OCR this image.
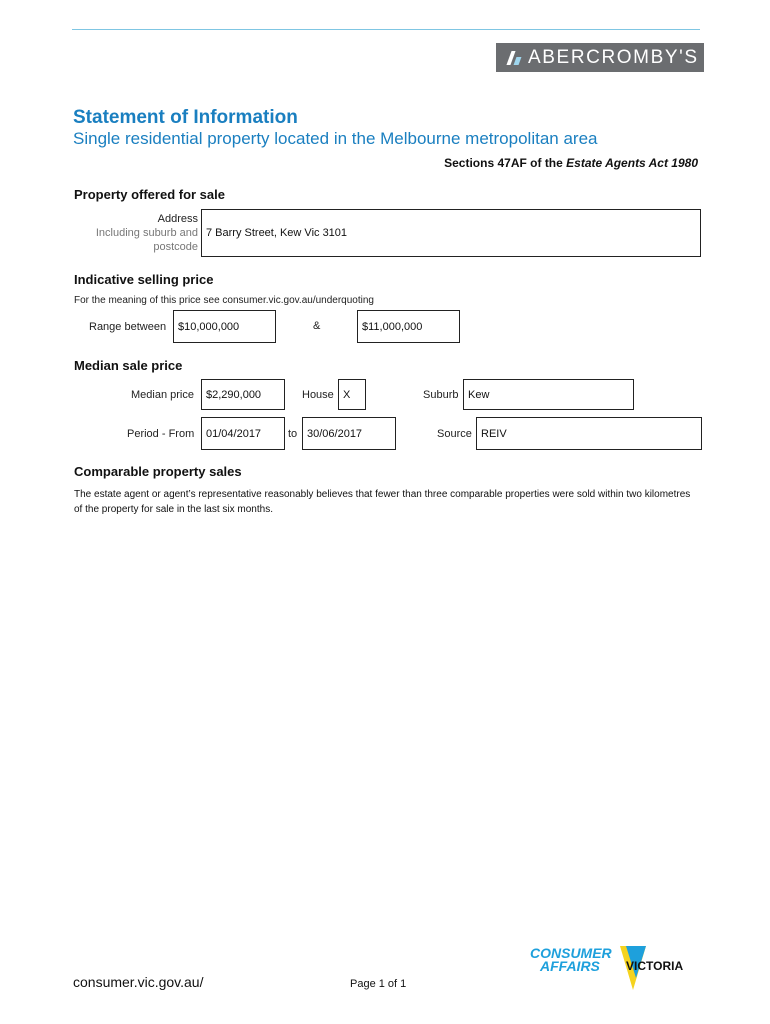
ABERCROMBY'S
Statement of Information
Single residential property located in the Melbourne metropolitan area
Sections 47AF of the Estate Agents Act 1980
Property offered for sale
Address
Including suburb and
postcode
7 Barry Street, Kew Vic 3101
Indicative selling price
For the meaning of this price see consumer.vic.gov.au/underquoting
Range between $10,000,000	&	$11,000,000
Median sale price
Median price $2,290,000	House X	Suburb Kew
Period - From 01/04/2017 to 30/06/2017	Source REIV
Comparable property sales
The estate agent or agent’s representative reasonably believes that fewer than three comparable properties were sold within two kilometres of the property for sale in the last six months.
consumer.vic.gov.au/	Page 1 of 1
CONSUMER
AFFAIRS VICTORIA
